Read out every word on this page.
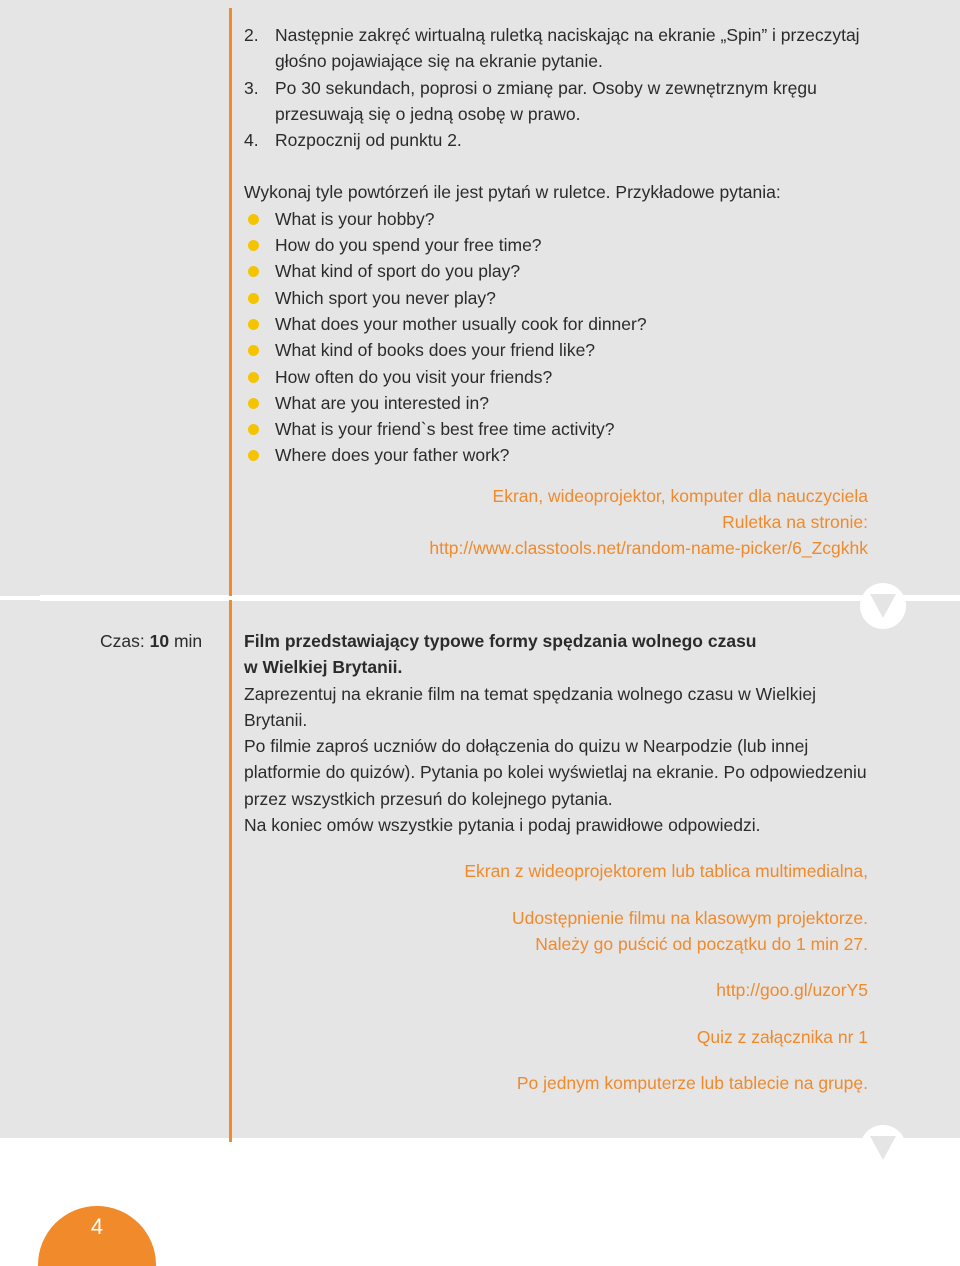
2. Następnie zakręć wirtualną ruletką naciskając na ekranie „Spin” i przeczytaj głośno pojawiające się na ekranie pytanie.
3. Po 30 sekundach, poprosi o zmianę par. Osoby w zewnętrznym kręgu przesuwają się o jedną osobę w prawo.
4. Rozpocznij od punktu 2.
Wykonaj tyle powtórzeń ile jest pytań w ruletce. Przykładowe pytania:
What is your hobby?
How do you spend your free time?
What kind of sport do you play?
Which sport you never play?
What does your mother usually cook for dinner?
What kind of books does your friend like?
How often do you visit your friends?
What are you interested in?
What is your friend`s best free time activity?
Where does your father work?
Ekran, wideoprojektor, komputer dla nauczyciela
Ruletka na stronie:
http://www.classtools.net/random-name-picker/6_Zcgkhk
Czas: 10 min Film przedstawiający typowe formy spędzania wolnego czasu
w Wielkiej Brytanii.

Zaprezentuj na ekranie film na temat spędzania wolnego czasu w Wielkiej Brytanii.

Po filmie zaproś uczniów do dołączenia do quizu w Nearpodzie (lub innej platformie do quizów). Pytania po kolei wyświetlaj na ekranie. Po odpowiedzeniu przez wszystkich przesuń do kolejnego pytania.

Na koniec omów wszystkie pytania i podaj prawidłowe odpowiedzi.

Ekran z wideoprojektorem lub tablica multimedialna,
Udostępnienie filmu na klasowym projektorze.
Należy go puścić od początku do 1 min 27.
http://goo.gl/uzorY5
Quiz z załącznika nr 1
Po jednym komputerze lub tablecie na grupę.
4
